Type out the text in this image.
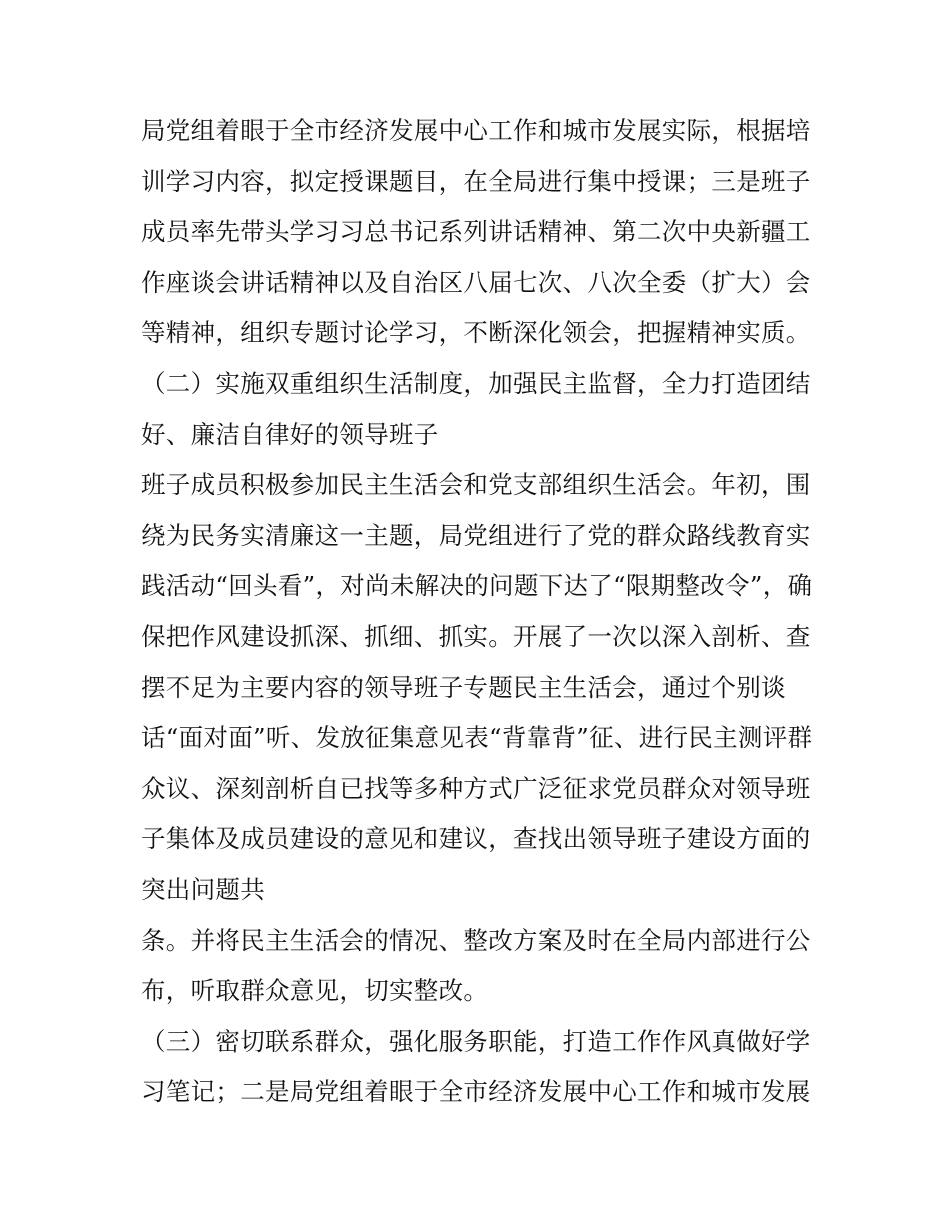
局党组着眼于全市经济发展中心工作和城市发展实际，根据培
训学习内容，拟定授课题目，在全局进行集中授课；三是班子
成员率先带头学习习总书记系列讲话精神、第二次中央新疆工
作座谈会讲话精神以及自治区八届七次、八次全委（扩大）会
等精神，组织专题讨论学习，不断深化领会，把握精神实质。
（二）实施双重组织生活制度，加强民主监督，全力打造团结
好、廉洁自律好的领导班子
班子成员积极参加民主生活会和党支部组织生活会。年初，围
绕为民务实清廉这一主题，局党组进行了党的群众路线教育实
践活动“回头看”，对尚未解决的问题下达了“限期整改令”，确
保把作风建设抓深、抓细、抓实。开展了一次以深入剖析、查
摆不足为主要内容的领导班子专题民主生活会，通过个别谈
话“面对面”听、发放征集意见表“背靠背”征、进行民主测评群
众议、深刻剖析自已找等多种方式广泛征求党员群众对领导班
子集体及成员建设的意见和建议，查找出领导班子建设方面的
突出问题共
条。并将民主生活会的情况、整改方案及时在全局内部进行公
布，听取群众意见，切实整改。
（三）密切联系群众，强化服务职能，打造工作作风真做好学
习笔记；二是局党组着眼于全市经济发展中心工作和城市发展
